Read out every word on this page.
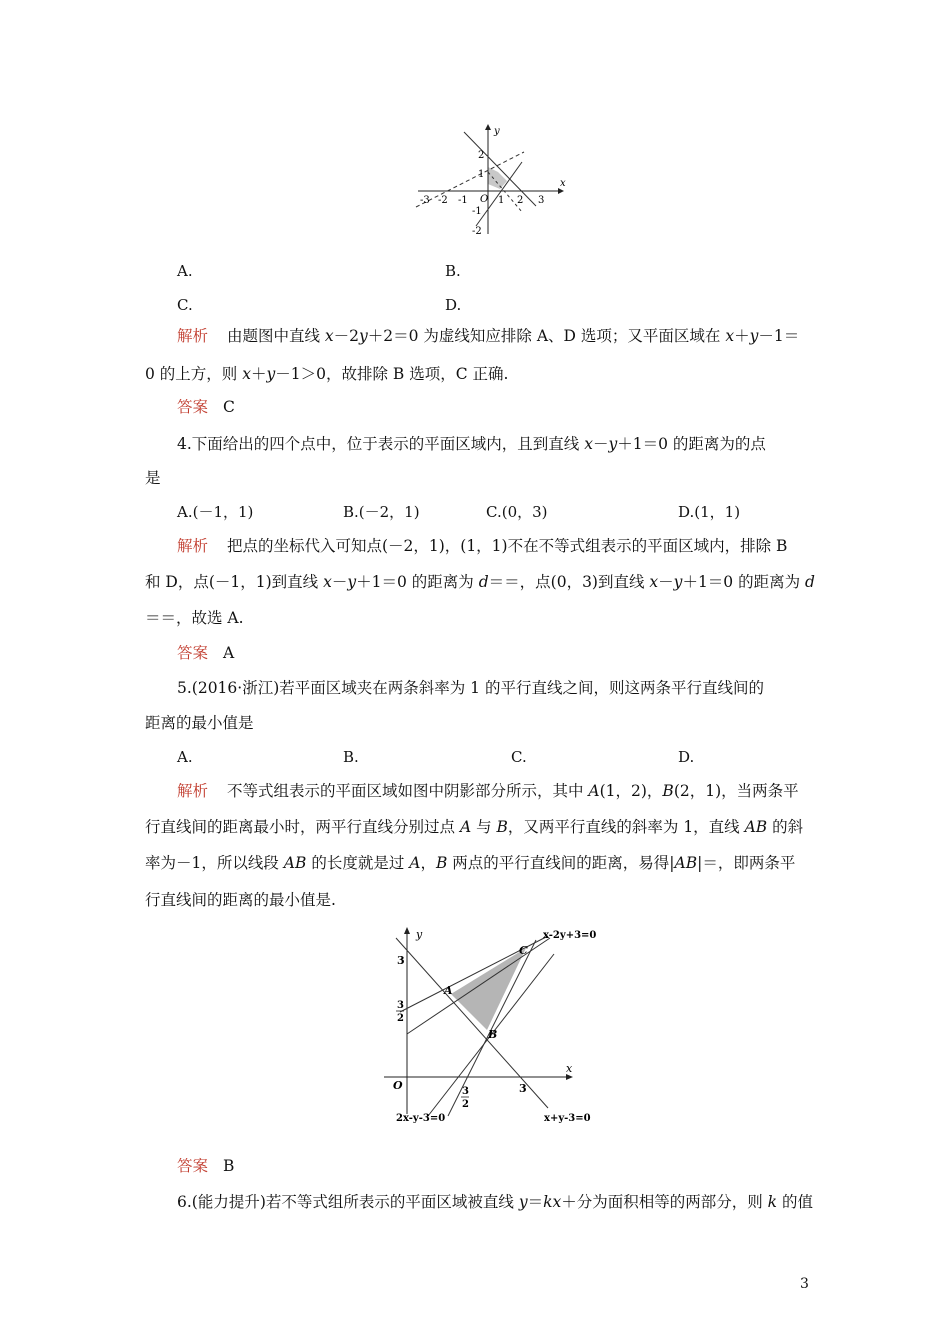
y
x
O
-3 -2 -1	1 2 3
2
1
-1
-2
A.	B.
C.	D.
解析 由题图中直线 x－2y＋2＝0 为虚线知应排除 A、D 选项；又平面区域在 x＋y－1＝
0 的上方，则 x＋y－1＞0，故排除 B 选项，C 正确.
答案 C
4.下面给出的四个点中，位于表示的平面区域内，且到直线 x－y＋1＝0 的距离为的点
是
A.(－1，1)	B.(－2，1)	C.(0，3)	D.(1，1)
解析 把点的坐标代入可知点(－2，1)，(1，1)不在不等式组表示的平面区域内，排除 B
和 D，点(－1，1)到直线 x－y＋1＝0 的距离为 d＝＝，点(0，3)到直线 x－y＋1＝0 的距离为 d
＝＝，故选 A.
答案 A
5.(2016·浙江)若平面区域夹在两条斜率为 1 的平行直线之间，则这两条平行直线间的
距离的最小值是
A.	B.	C.	D.
解析 不等式组表示的平面区域如图中阴影部分所示，其中 A(1，2)，B(2，1)，当两条平
行直线间的距离最小时，两平行直线分别过点 A 与 B，又两平行直线的斜率为 1，直线 AB 的斜
率为－1，所以线段 AB 的长度就是过 A，B 两点的平行直线间的距离，易得|AB|＝，即两条平
行直线间的距离的最小值是.
y
x
O
3
3
2
3
2
3
A
B
C
x-2y+3=0
2x-y-3=0	x+y-3=0
答案 B
6.(能力提升)若不等式组所表示的平面区域被直线 y＝kx＋分为面积相等的两部分，则 k 的值
3
